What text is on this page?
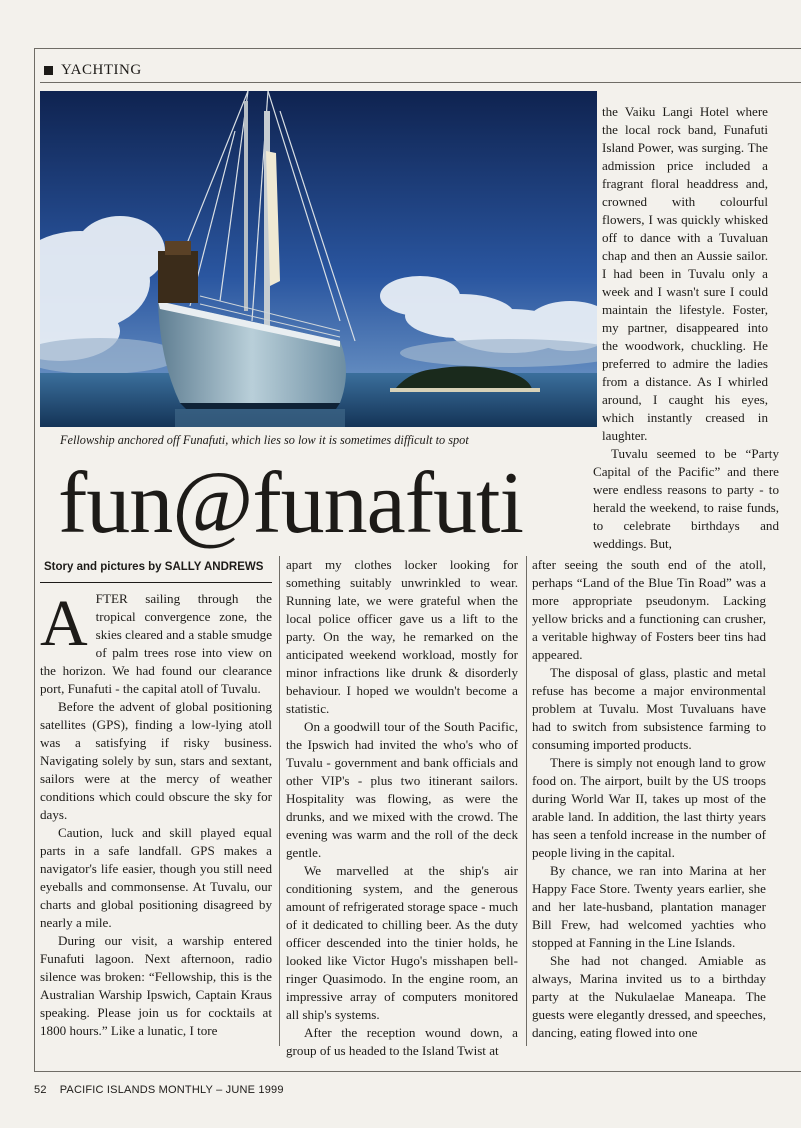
YACHTING
Fellowship anchored off Funafuti, which lies so low it is sometimes difficult to spot

the Vaiku Langi Hotel where the local rock band, Funafuti Island Power, was surging. The admission price included a fragrant floral headdress and, crowned with colourful flowers, I was quickly whisked off to dance with a Tuvaluan chap and then an Aussie sailor. I had been in Tuvalu only a week and I wasn't sure I could maintain the lifestyle. Foster, my partner, disappeared into the woodwork, chuckling. He preferred to admire the ladies from a distance. As I whirled around, I caught his eyes, which instantly creased in laughter.

Tuvalu seemed to be “Party Capital of the Pacific” and there were endless reasons to party - to herald the weekend, to raise funds, to celebrate birthdays and weddings. But,

fun@funafuti
Story and pictures by SALLY ANDREWS
A FTER sailing through the tropical convergence zone, the skies cleared and a stable smudge of palm trees rose into view on the horizon. We had found our clearance port, Funafuti - the capital atoll of Tuvalu.

Before the advent of global positioning satellites (GPS), finding a low-lying atoll was a satisfying if risky business. Navigating solely by sun, stars and sextant, sailors were at the mercy of weather conditions which could obscure the sky for days.

Caution, luck and skill played equal parts in a safe landfall. GPS makes a navigator's life easier, though you still need eyeballs and commonsense. At Tuvalu, our charts and global positioning disagreed by nearly a mile.

During our visit, a warship entered Funafuti lagoon. Next afternoon, radio silence was broken: “Fellowship, this is the Australian Warship Ipswich, Captain Kraus speaking. Please join us for cocktails at 1800 hours.” Like a lunatic, I tore

apart my clothes locker looking for something suitably unwrinkled to wear. Running late, we were grateful when the local police officer gave us a lift to the party. On the way, he remarked on the anticipated weekend workload, mostly for minor infractions like drunk & disorderly behaviour. I hoped we wouldn't become a statistic.

On a goodwill tour of the South Pacific, the Ipswich had invited the who's who of Tuvalu - government and bank officials and other VIP's - plus two itinerant sailors. Hospitality was flowing, as were the drunks, and we mixed with the crowd. The evening was warm and the roll of the deck gentle.

We marvelled at the ship's air conditioning system, and the generous amount of refrigerated storage space - much of it dedicated to chilling beer. As the duty officer descended into the tinier holds, he looked like Victor Hugo's misshapen bell-ringer Quasimodo. In the engine room, an impressive array of computers monitored all ship's systems.

After the reception wound down, a group of us headed to the Island Twist at

after seeing the south end of the atoll, perhaps “Land of the Blue Tin Road” was a more appropriate pseudonym. Lacking yellow bricks and a functioning can crusher, a veritable highway of Fosters beer tins had appeared.

The disposal of glass, plastic and metal refuse has become a major environmental problem at Tuvalu. Most Tuvaluans have had to switch from subsistence farming to consuming imported products.

There is simply not enough land to grow food on. The airport, built by the US troops during World War II, takes up most of the arable land. In addition, the last thirty years has seen a tenfold increase in the number of people living in the capital.

By chance, we ran into Marina at her Happy Face Store. Twenty years earlier, she and her late-husband, plantation manager Bill Frew, had welcomed yachties who stopped at Fanning in the Line Islands.

She had not changed. Amiable as always, Marina invited us to a birthday party at the Nukulaelae Maneapa. The guests were elegantly dressed, and speeches, dancing, eating flowed into one

52 PACIFIC ISLANDS MONTHLY – JUNE 1999
